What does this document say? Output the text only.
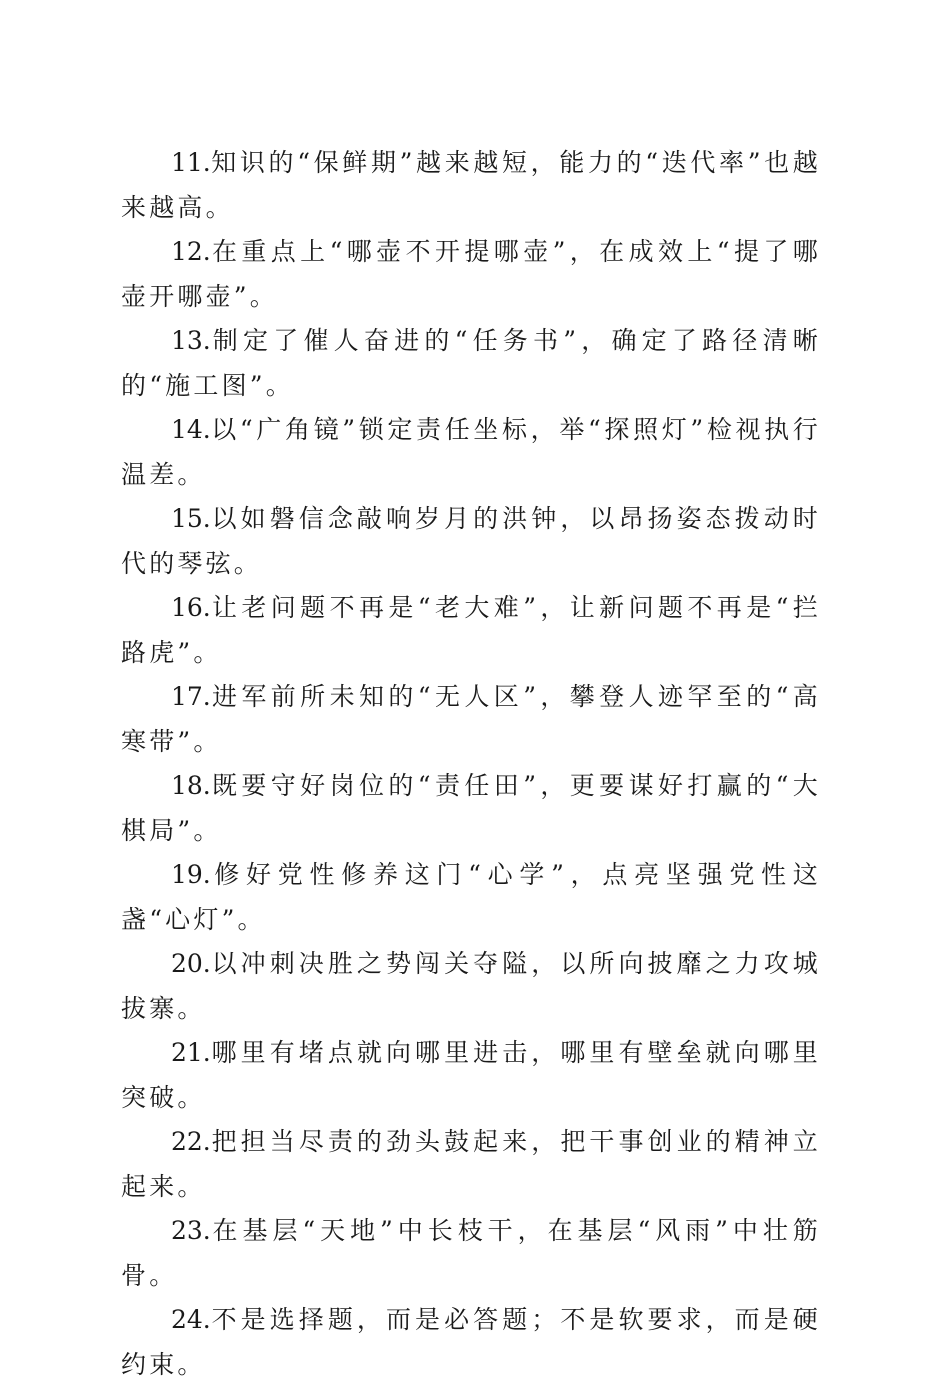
11.知识的“保鲜期”越来越短，能力的“迭代率”也越来越高。

12.在重点上“哪壶不开提哪壶”，在成效上“提了哪壶开哪壶”。

13.制定了催人奋进的“任务书”，确定了路径清晰的“施工图”。

14.以“广角镜”锁定责任坐标，举“探照灯”检视执行温差。

15.以如磐信念敲响岁月的洪钟，以昂扬姿态拨动时代的琴弦。

16.让老问题不再是“老大难”，让新问题不再是“拦路虎”。

17.进军前所未知的“无人区”，攀登人迹罕至的“高寒带”。

18.既要守好岗位的“责任田”，更要谋好打赢的“大棋局”。

19.修好党性修养这门“心学”，点亮坚强党性这盏“心灯”。

20.以冲刺决胜之势闯关夺隘，以所向披靡之力攻城拔寨。

21.哪里有堵点就向哪里进击，哪里有壁垒就向哪里突破。

22.把担当尽责的劲头鼓起来，把干事创业的精神立起来。

23.在基层“天地”中长枝干，在基层“风雨”中壮筋骨。

24.不是选择题，而是必答题；不是软要求，而是硬约束。
